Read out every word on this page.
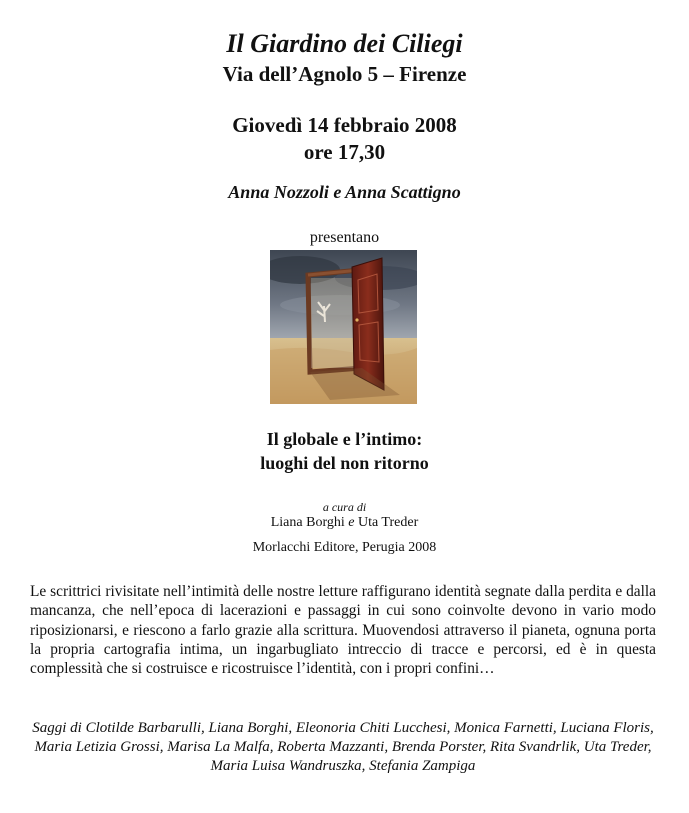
Il Giardino dei Ciliegi
Via dell’Agnolo 5 – Firenze
Giovedì 14 febbraio 2008
ore 17,30
Anna Nozzoli e Anna Scattigno
presentano
Il globale e l’intimo:
luoghi del non ritorno
a cura di
Liana Borghi e Uta Treder
Morlacchi Editore, Perugia 2008

Le scrittrici rivisitate nell’intimità delle nostre letture raffigurano identità segnate dalla perdita e dalla mancanza, che nell’epoca di lacerazioni e passaggi in cui sono coinvolte devono in vario modo riposizionarsi, e riescono a farlo grazie alla scrittura. Muovendosi attraverso il pianeta, ognuna porta la propria cartografia intima, un ingarbugliato intreccio di tracce e percorsi, ed è in questa complessità che si costruisce e ricostruisce l’identità, con i propri confini…

Saggi di Clotilde Barbarulli, Liana Borghi, Eleonoria Chiti Lucchesi, Monica Farnetti, Luciana Floris, Maria Letizia Grossi, Marisa La Malfa, Roberta Mazzanti, Brenda Porster, Rita Svandrlik, Uta Treder, Maria Luisa Wandruszka, Stefania Zampiga
